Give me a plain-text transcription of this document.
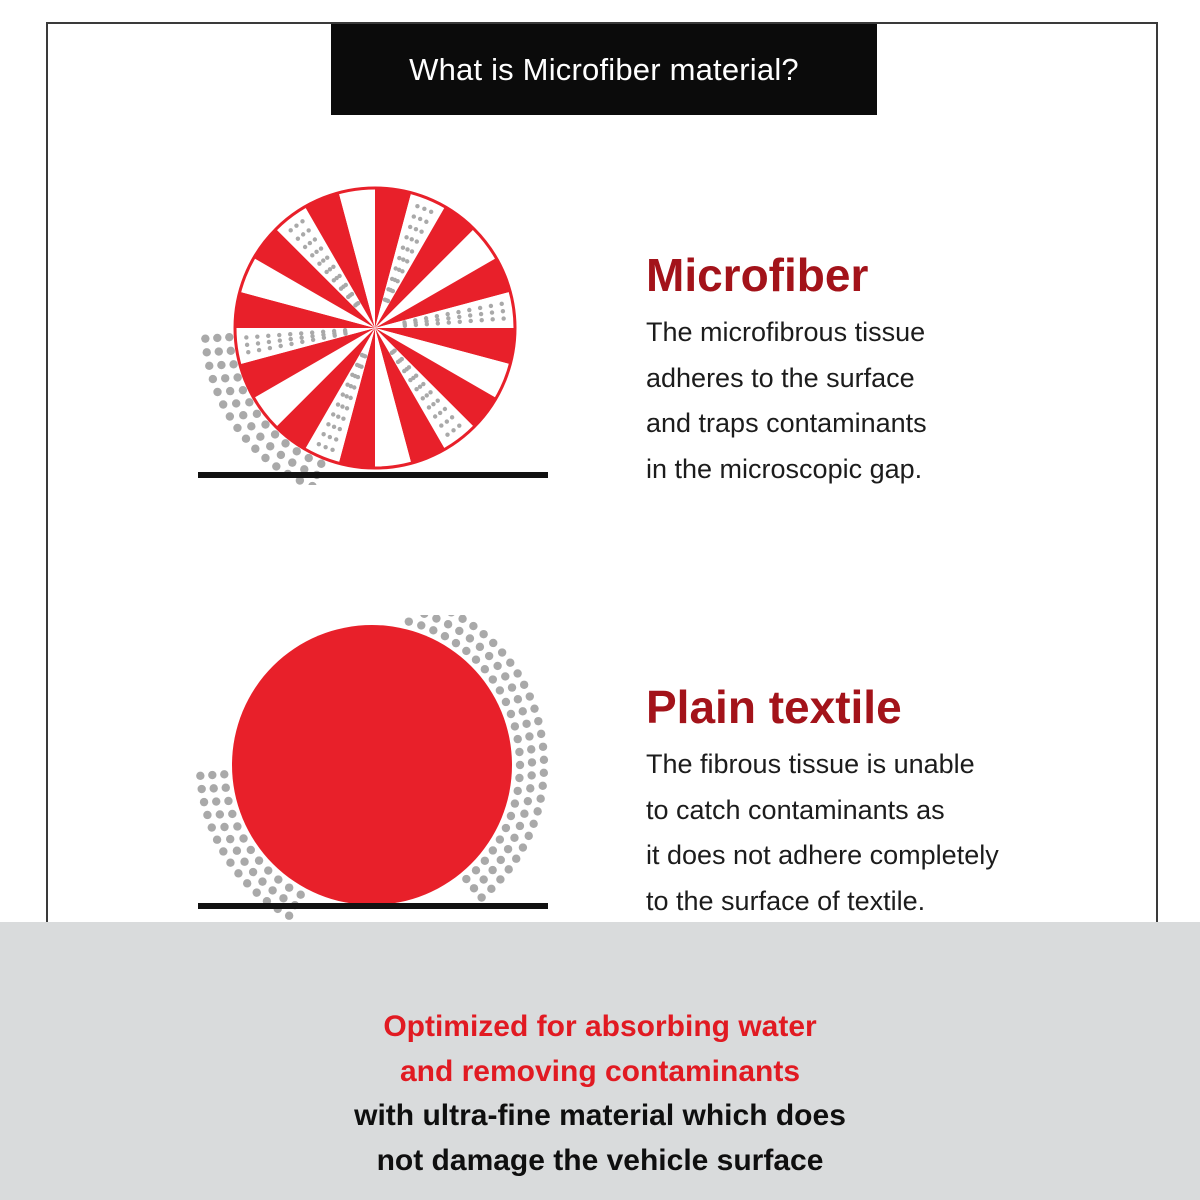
What is Microfiber material?
Microfiber

The microfibrous tissue
adheres to the surface
and traps contaminants
in the microscopic gap.

Plain textile

The fibrous tissue is unable
to catch contaminants as
it does not adhere completely
to the surface of textile.

Optimized for absorbing water
and removing contaminants
with ultra-fine material which does
not damage the vehicle surface
